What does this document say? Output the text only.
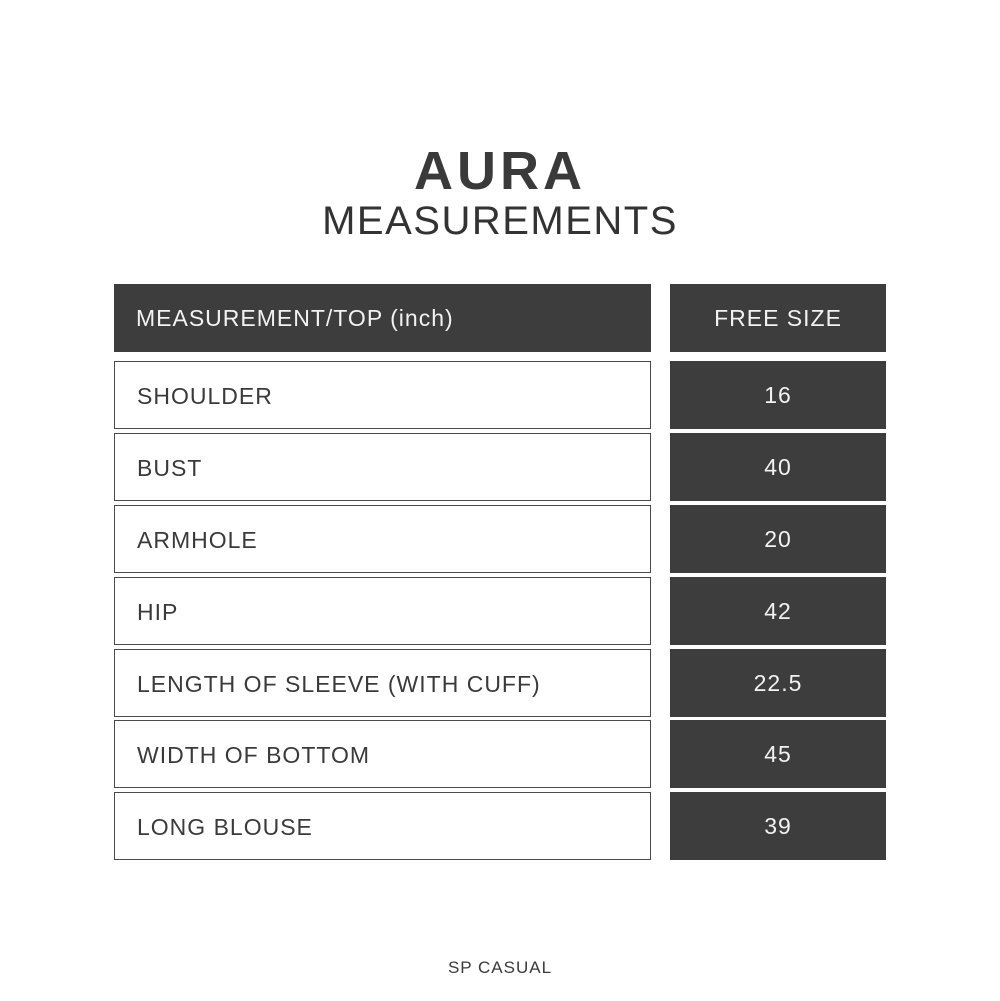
AURA
MEASUREMENTS
MEASUREMENT/TOP (inch)	FREE SIZE
SHOULDER	16
BUST	40
ARMHOLE	20
HIP	42
LENGTH OF SLEEVE (WITH CUFF)	22.5
WIDTH OF BOTTOM	45
LONG BLOUSE	39
SP CASUAL
